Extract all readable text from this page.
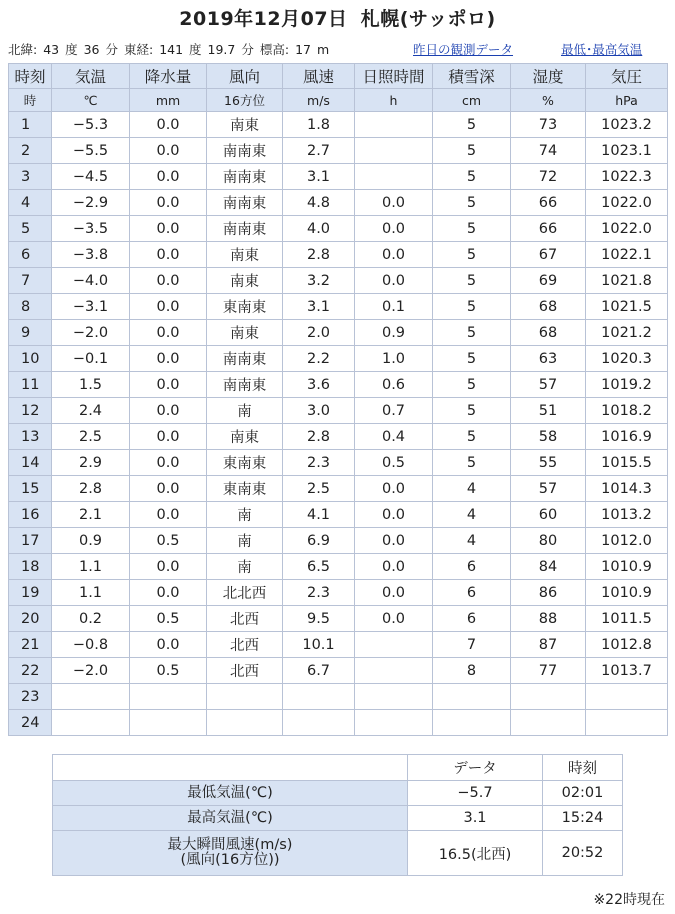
2019年12月07日 札幌(サッポロ)
北緯: 43 度 36 分 東経: 141 度 19.7 分 標高: 17 m	昨日の観測データ	最低･最高気温
時刻	気温	降水量	風向	風速	日照時間	積雪深	湿度	気圧
時	℃	mm	16方位	m/s	h	cm	%	hPa
1	−5.3	0.0	南東	1.8		5	73	1023.2
2	−5.5	0.0	南南東	2.7		5	74	1023.1
3	−4.5	0.0	南南東	3.1		5	72	1022.3
4	−2.9	0.0	南南東	4.8	0.0	5	66	1022.0
5	−3.5	0.0	南南東	4.0	0.0	5	66	1022.0
6	−3.8	0.0	南東	2.8	0.0	5	67	1022.1
7	−4.0	0.0	南東	3.2	0.0	5	69	1021.8
8	−3.1	0.0	東南東	3.1	0.1	5	68	1021.5
9	−2.0	0.0	南東	2.0	0.9	5	68	1021.2
10	−0.1	0.0	南南東	2.2	1.0	5	63	1020.3
11	1.5	0.0	南南東	3.6	0.6	5	57	1019.2
12	2.4	0.0	南	3.0	0.7	5	51	1018.2
13	2.5	0.0	南東	2.8	0.4	5	58	1016.9
14	2.9	0.0	東南東	2.3	0.5	5	55	1015.5
15	2.8	0.0	東南東	2.5	0.0	4	57	1014.3
16	2.1	0.0	南	4.1	0.0	4	60	1013.2
17	0.9	0.5	南	6.9	0.0	4	80	1012.0
18	1.1	0.0	南	6.5	0.0	6	84	1010.9
19	1.1	0.0	北北西	2.3	0.0	6	86	1010.9
20	0.2	0.5	北西	9.5	0.0	6	88	1011.5
21	−0.8	0.0	北西	10.1		7	87	1012.8
22	−2.0	0.5	北西	6.7		8	77	1013.7
23								
24								
	データ	時刻
最低気温(℃)	−5.7	02:01
最高気温(℃)	3.1	15:24

最大瞬間風速(m/s)
(風向(16方位))	16.5(北西)	20:52
※22時現在
